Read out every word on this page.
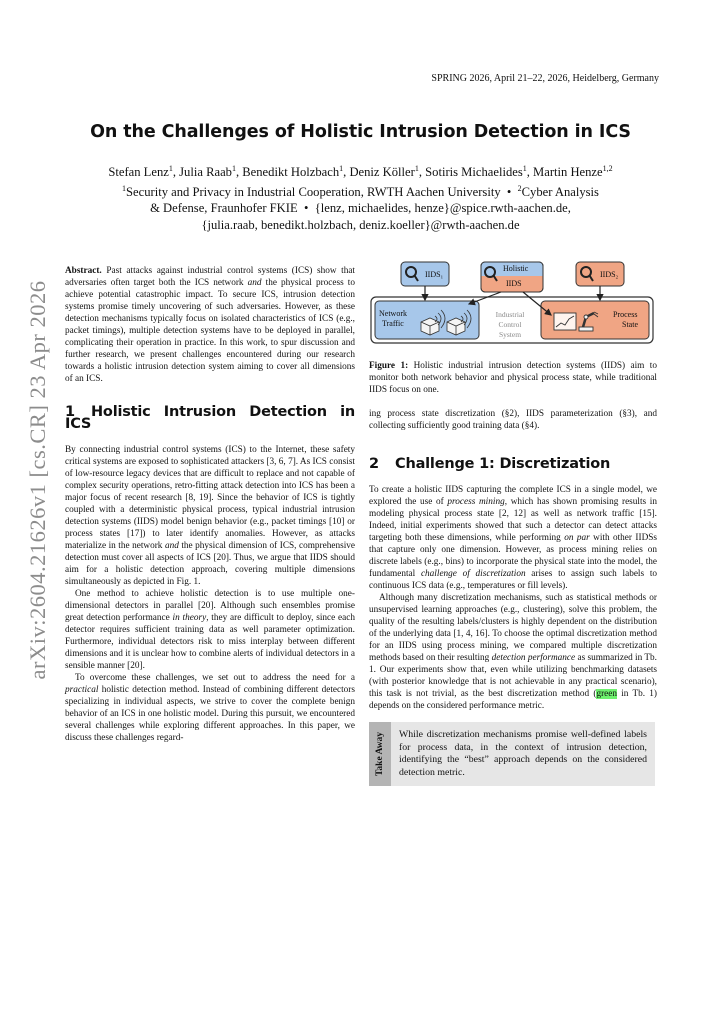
arXiv:2604.21626v1 [cs.CR] 23 Apr 2026
SPRING 2026, April 21–22, 2026, Heidelberg, Germany
On the Challenges of Holistic Intrusion Detection in ICS
Stefan Lenz$^1$, Julia Raab$^1$, Benedikt Holzbach$^1$, Deniz Köller$^1$, Sotiris Michaelides$^1$, Martin Henze$^{1,2}$
$^1$Security and Privacy in Industrial Cooperation, RWTH Aachen University • $^2$Cyber Analysis
& Defense, Fraunhofer FKIE • {lenz, michaelides, henze}@spice.rwth-aachen.de,
{julia.raab, benedikt.holzbach, deniz.koeller}@rwth-aachen.de

Abstract. Past attacks against industrial control systems (ICS) show that adversaries often target both the ICS network and the physical process to achieve potential catastrophic impact. To secure ICS, intrusion detection systems promise timely uncovering of such adversaries. However, as these detection mechanisms typically focus on isolated characteristics of ICS (e.g., packet timings), multiple detection systems have to be deployed in parallel, complicating their operation in practice. In this work, to spur discussion and further research, we present challenges encountered during our research towards a holistic intrusion detection system aiming to cover all dimensions of an ICS.

1 Holistic Intrusion Detection in ICS

By connecting industrial control systems (ICS) to the Internet, these safety critical systems are exposed to sophisticated attackers [3, 6, 7]. As ICS consist of low-resource legacy devices that are difficult to replace and not capable of complex security operations, retro-fitting attack detection into ICS has been a major focus of recent research [8, 19]. Since the behavior of ICS is tightly coupled with a deterministic physical process, typical industrial intrusion detection systems (IIDS) model benign behavior (e.g., packet timings [10] or process states [17]) to later identify anomalies. However, as attacks materialize in the network and the physical dimension of ICS, comprehensive detection must cover all aspects of ICS [20]. Thus, we argue that IIDS should aim for a holistic detection approach, covering multiple dimensions simultaneously as depicted in Fig. 1.

One method to achieve holistic detection is to use multiple one-dimensional detectors in parallel [20]. Although such ensembles promise great detection performance in theory, they are difficult to deploy, since each detector requires sufficient training data as well parameter optimization. Furthermore, individual detectors risk to miss interplay between different dimensions and it is unclear how to combine alerts of individual detectors in a sensible manner [20].

To overcome these challenges, we set out to address the need for a practical holistic detection method. Instead of combining different detectors specializing in individual aspects, we strive to cover the complete benign behavior of an ICS in one holistic model. During this pursuit, we encountered several challenges while exploring different approaches. In this paper, we discuss these challenges regard-

IIDS₁
Holistic
IIDS
IIDS₂
Network
Traffic
Industrial
Control
System
Process
State

Figure 1: Holistic industrial intrusion detection systems (IIDS) aim to monitor both network behavior and physical process state, while traditional IIDS focus on one.

ing process state discretization (§2), IIDS parameterization (§3), and collecting sufficiently good training data (§4).

2 Challenge 1: Discretization

To create a holistic IIDS capturing the complete ICS in a single model, we explored the use of process mining, which has shown promising results in modeling physical process state [2, 12] as well as network traffic [15]. Indeed, initial experiments showed that such a detector can detect attacks targeting both these dimensions, while performing on par with other IIDSs that capture only one dimension. However, as process mining relies on discrete labels (e.g., bins) to incorporate the physical state into the model, the fundamental challenge of discretization arises to assign such labels to continuous ICS data (e.g., temperatures or fill levels).

Although many discretization mechanisms, such as statistical methods or unsupervised learning approaches (e.g., clustering), solve this problem, the quality of the resulting labels/clusters is highly dependent on the distribution of the underlying data [1, 4, 16]. To choose the optimal discretization method for an IIDS using process mining, we compared multiple discretization methods based on their resulting detection performance as summarized in Tb. 1. Our experiments show that, even while utilizing benchmarking datasets (with posterior knowledge that is not achievable in any practical scenario), this task is not trivial, as the best discretization method (green in Tb. 1) depends on the considered performance metric.

Take Away	While discretization mechanisms promise well-defined labels for process data, in the context of intrusion detection, identifying the “best” approach depends on the considered detection metric.
